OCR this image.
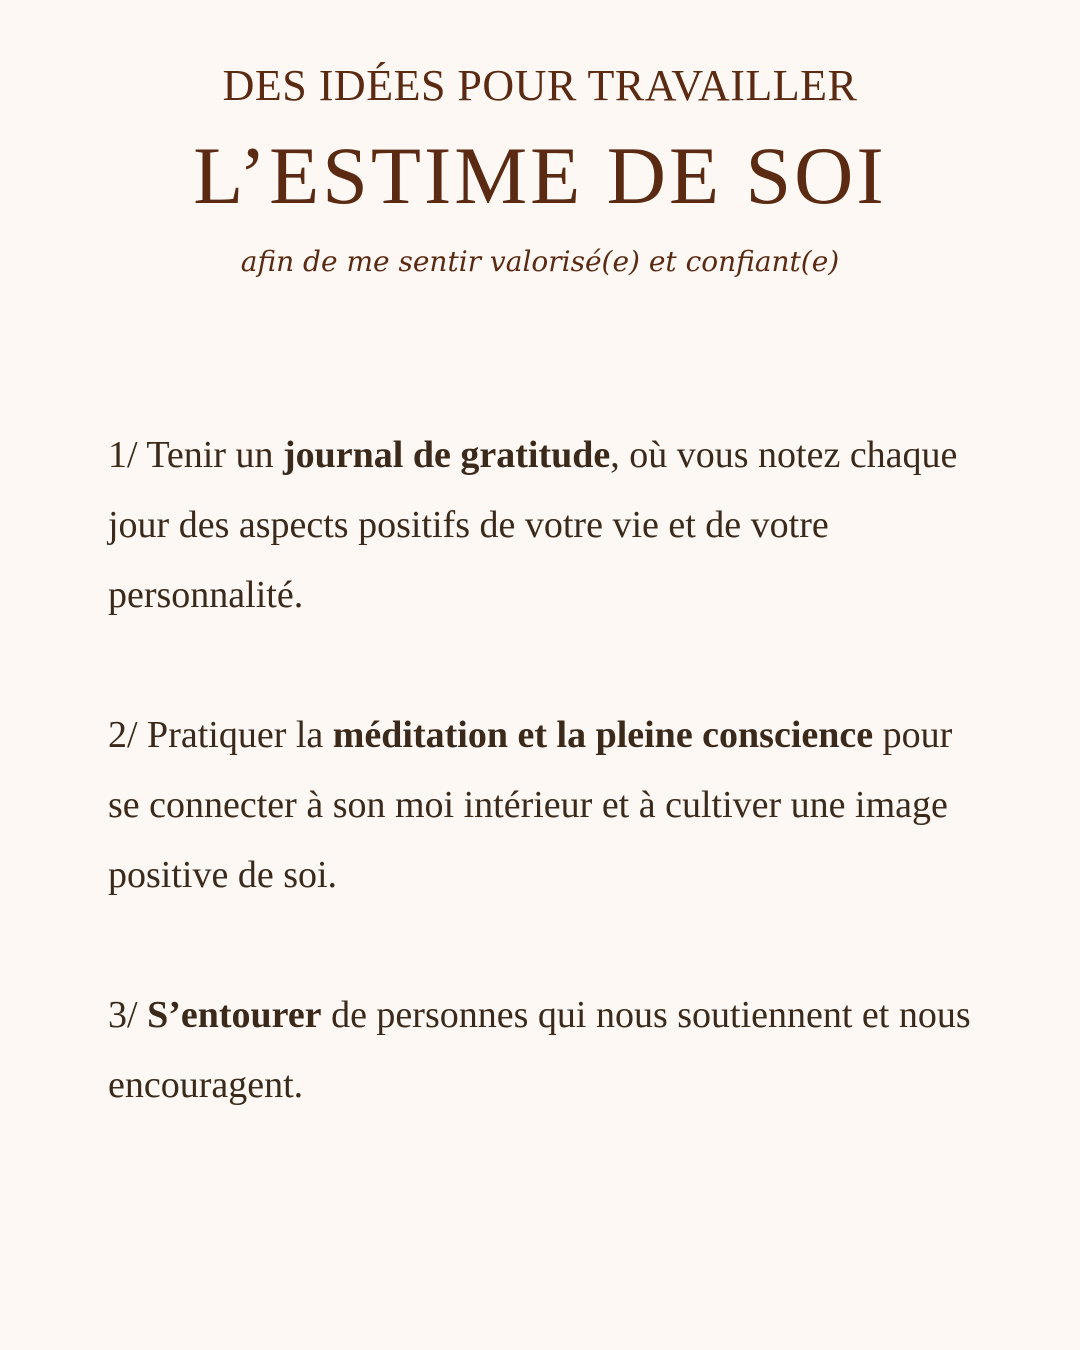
DES IDÉES POUR TRAVAILLER
L’ESTIME DE SOI
afin de me sentir valorisé(e) et confiant(e)

1/ Tenir un journal de gratitude, où vous notez chaque jour des aspects positifs de votre vie et de votre personnalité.

2/ Pratiquer la méditation et la pleine conscience pour se connecter à son moi intérieur et à cultiver une image positive de soi.

3/ S’entourer de personnes qui nous soutiennent et nous encouragent.
